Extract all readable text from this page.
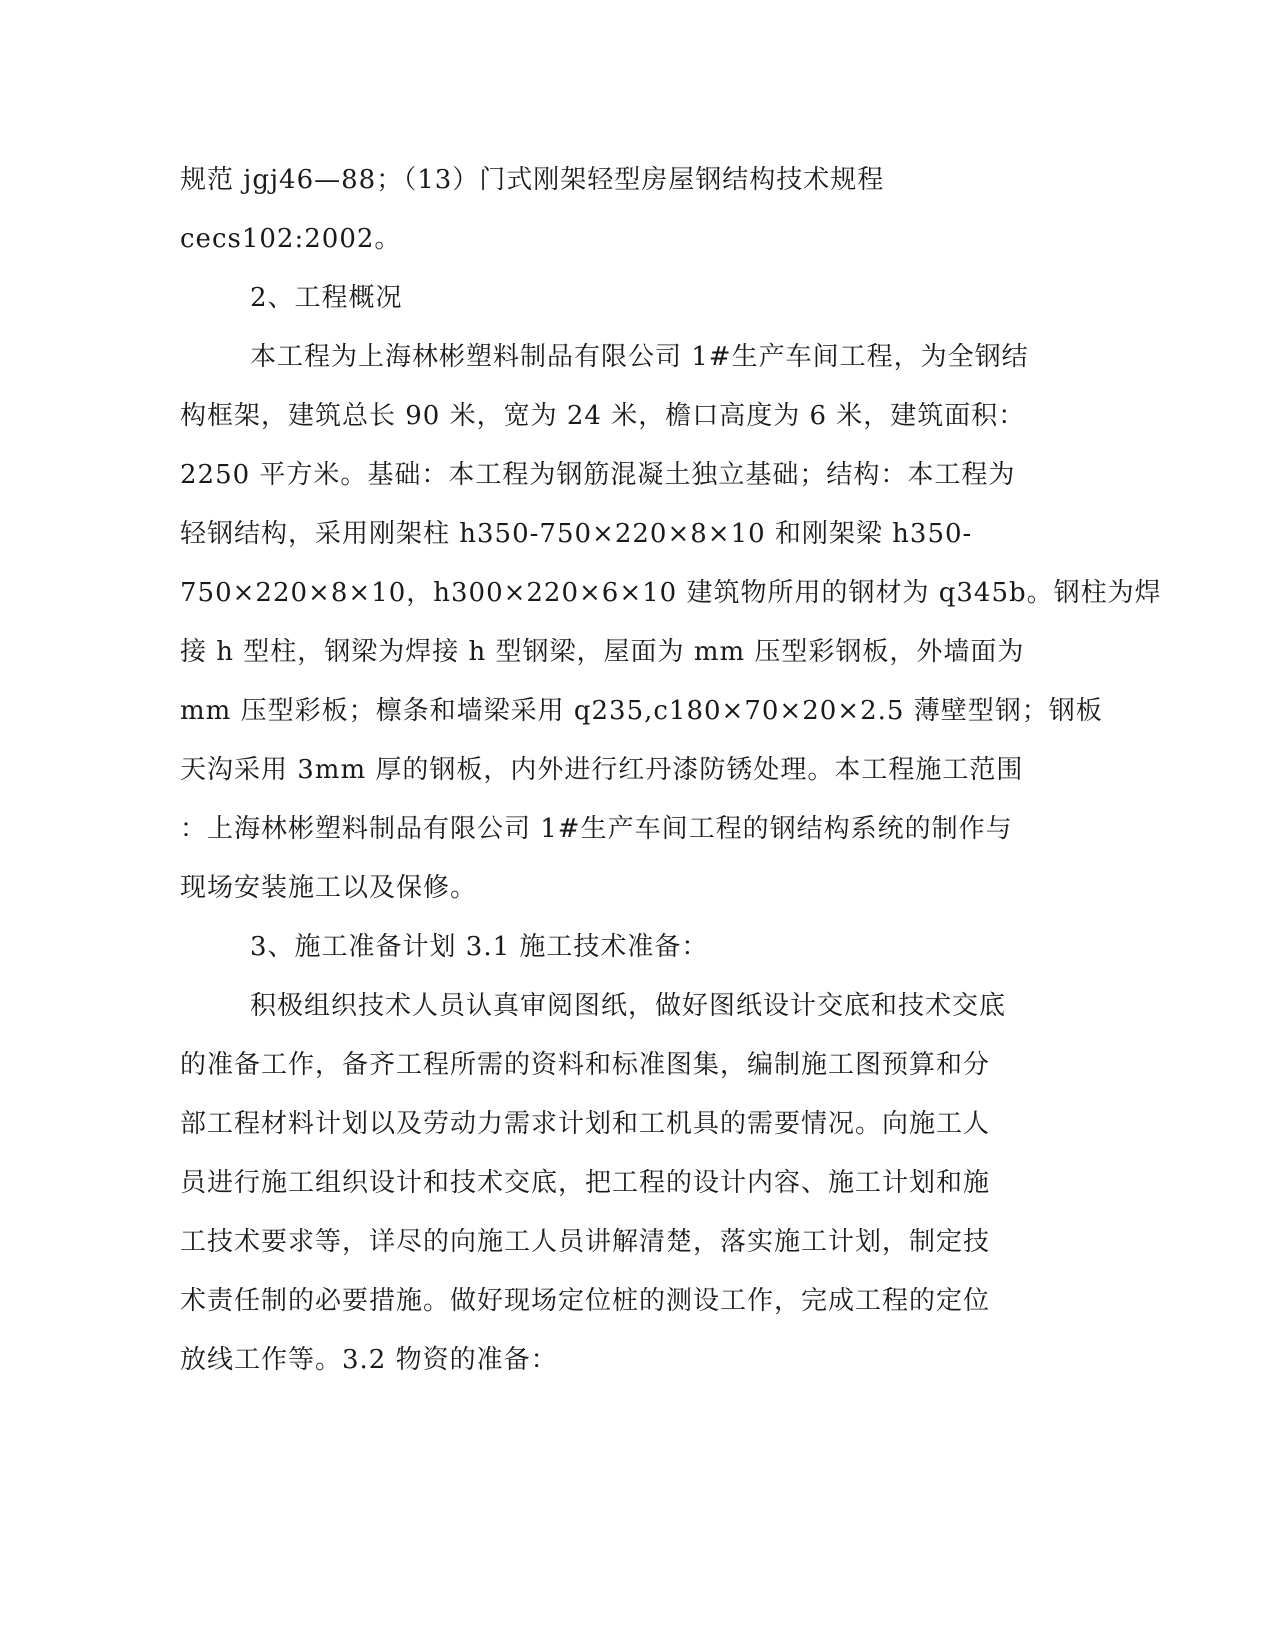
规范 jgj46—88；（13）门式刚架轻型房屋钢结构技术规程
cecs102:2002。
2、工程概况
本工程为上海林彬塑料制品有限公司 1#生产车间工程，为全钢结
构框架，建筑总长 90 米，宽为 24 米，檐口高度为 6 米，建筑面积：
2250 平方米。基础：本工程为钢筋混凝土独立基础；结构：本工程为
轻钢结构，采用刚架柱 h350-750×220×8×10 和刚架梁 h350-
750×220×8×10，h300×220×6×10 建筑物所用的钢材为 q345b。钢柱为焊
接 h 型柱，钢梁为焊接 h 型钢梁，屋面为 mm 压型彩钢板，外墙面为
mm 压型彩板；檩条和墙梁采用 q235,c180×70×20×2.5 薄壁型钢；钢板
天沟采用 3mm 厚的钢板，内外进行红丹漆防锈处理。本工程施工范围
：上海林彬塑料制品有限公司 1#生产车间工程的钢结构系统的制作与
现场安装施工以及保修。
3、施工准备计划 3.1 施工技术准备：
积极组织技术人员认真审阅图纸，做好图纸设计交底和技术交底
的准备工作，备齐工程所需的资料和标准图集，编制施工图预算和分
部工程材料计划以及劳动力需求计划和工机具的需要情况。向施工人
员进行施工组织设计和技术交底，把工程的设计内容、施工计划和施
工技术要求等，详尽的向施工人员讲解清楚，落实施工计划，制定技
术责任制的必要措施。做好现场定位桩的测设工作，完成工程的定位
放线工作等。3.2 物资的准备：
